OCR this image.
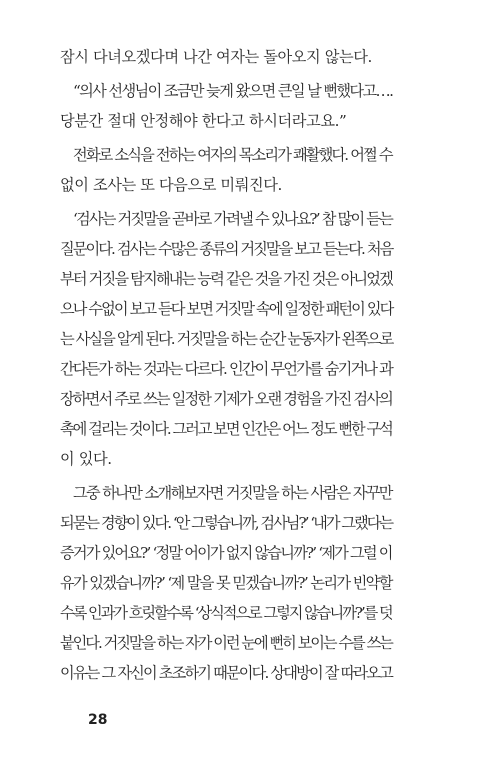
잠시 다녀오겠다며 나간 여자는 돌아오지 않는다.
“의사 선생님이 조금만 늦게 왔으면 큰일 날 뻔했다고….
당분간 절대 안정해야 한다고 하시더라고요.”
전화로 소식을 전하는 여자의 목소리가 쾌활했다. 어쩔 수
없이 조사는 또 다음으로 미뤄진다.
‘검사는 거짓말을 곧바로 가려낼 수 있나요?’ 참 많이 듣는
질문이다. 검사는 수많은 종류의 거짓말을 보고 듣는다. 처음
부터 거짓을 탐지해내는 능력 같은 것을 가진 것은 아니었겠
으나 수없이 보고 듣다 보면 거짓말 속에 일정한 패턴이 있다
는 사실을 알게 된다. 거짓말을 하는 순간 눈동자가 왼쪽으로
간다든가 하는 것과는 다르다. 인간이 무언가를 숨기거나 과
장하면서 주로 쓰는 일정한 기제가 오랜 경험을 가진 검사의
촉에 걸리는 것이다. 그러고 보면 인간은 어느 정도 뻔한 구석
이 있다.
그중 하나만 소개해보자면 거짓말을 하는 사람은 자꾸만
되묻는 경향이 있다. ‘안 그렇습니까, 검사님?’ ‘내가 그랬다는
증거가 있어요?’ ‘정말 어이가 없지 않습니까?’ ‘제가 그럴 이
유가 있겠습니까?’ ‘제 말을 못 믿겠습니까?’ 논리가 빈약할
수록 인과가 흐릿할수록 ‘상식적으로 그렇지 않습니까?’를 덧
붙인다. 거짓말을 하는 자가 이런 눈에 뻔히 보이는 수를 쓰는
이유는 그 자신이 초조하기 때문이다. 상대방이 잘 따라오고
28
